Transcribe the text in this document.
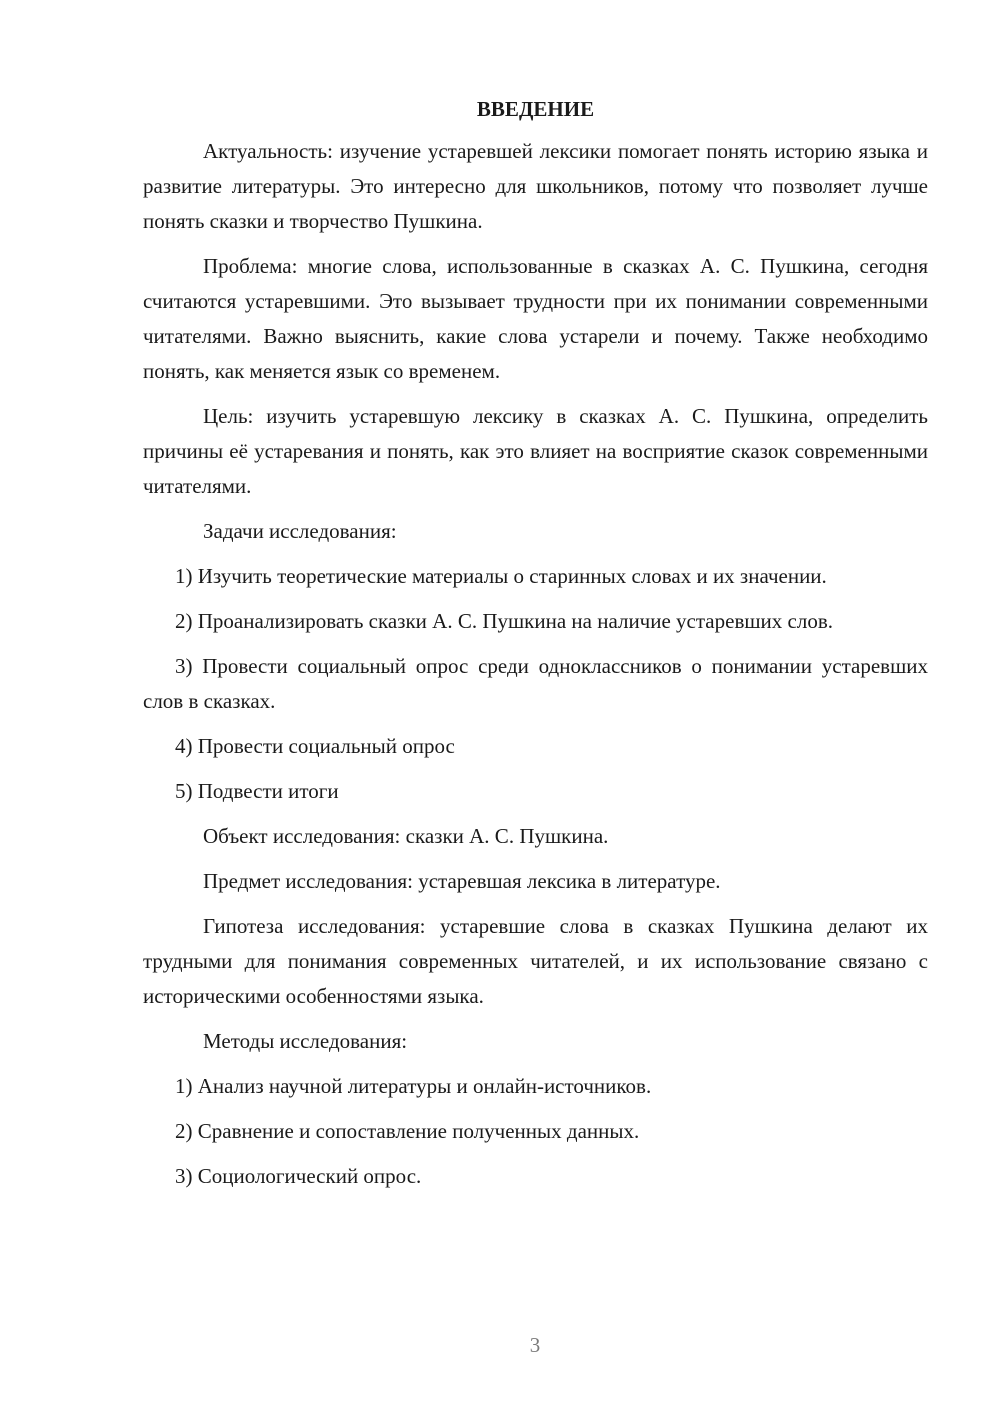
ВВЕДЕНИЕ

Актуальность: изучение устаревшей лексики помогает понять историю языка и развитие литературы. Это интересно для школьников, потому что позволяет лучше понять сказки и творчество Пушкина.

Проблема: многие слова, использованные в сказках А. С. Пушкина, сегодня считаются устаревшими. Это вызывает трудности при их понимании современными читателями. Важно выяснить, какие слова устарели и почему. Также необходимо понять, как меняется язык со временем.

Цель: изучить устаревшую лексику в сказках А. С. Пушкина, определить причины её устаревания и понять, как это влияет на восприятие сказок современными читателями.

Задачи исследования:

1) Изучить теоретические материалы о старинных словах и их значении.

2) Проанализировать сказки А. С. Пушкина на наличие устаревших слов.

3) Провести социальный опрос среди одноклассников о понимании устаревших слов в сказках.

4) Провести социальный опрос

5) Подвести итоги

Объект исследования: сказки А. С. Пушкина.

Предмет исследования: устаревшая лексика в литературе.

Гипотеза исследования: устаревшие слова в сказках Пушкина делают их трудными для понимания современных читателей, и их использование связано с историческими особенностями языка.

Методы исследования:

1) Анализ научной литературы и онлайн-источников.

2) Сравнение и сопоставление полученных данных.

3) Социологический опрос.

3
